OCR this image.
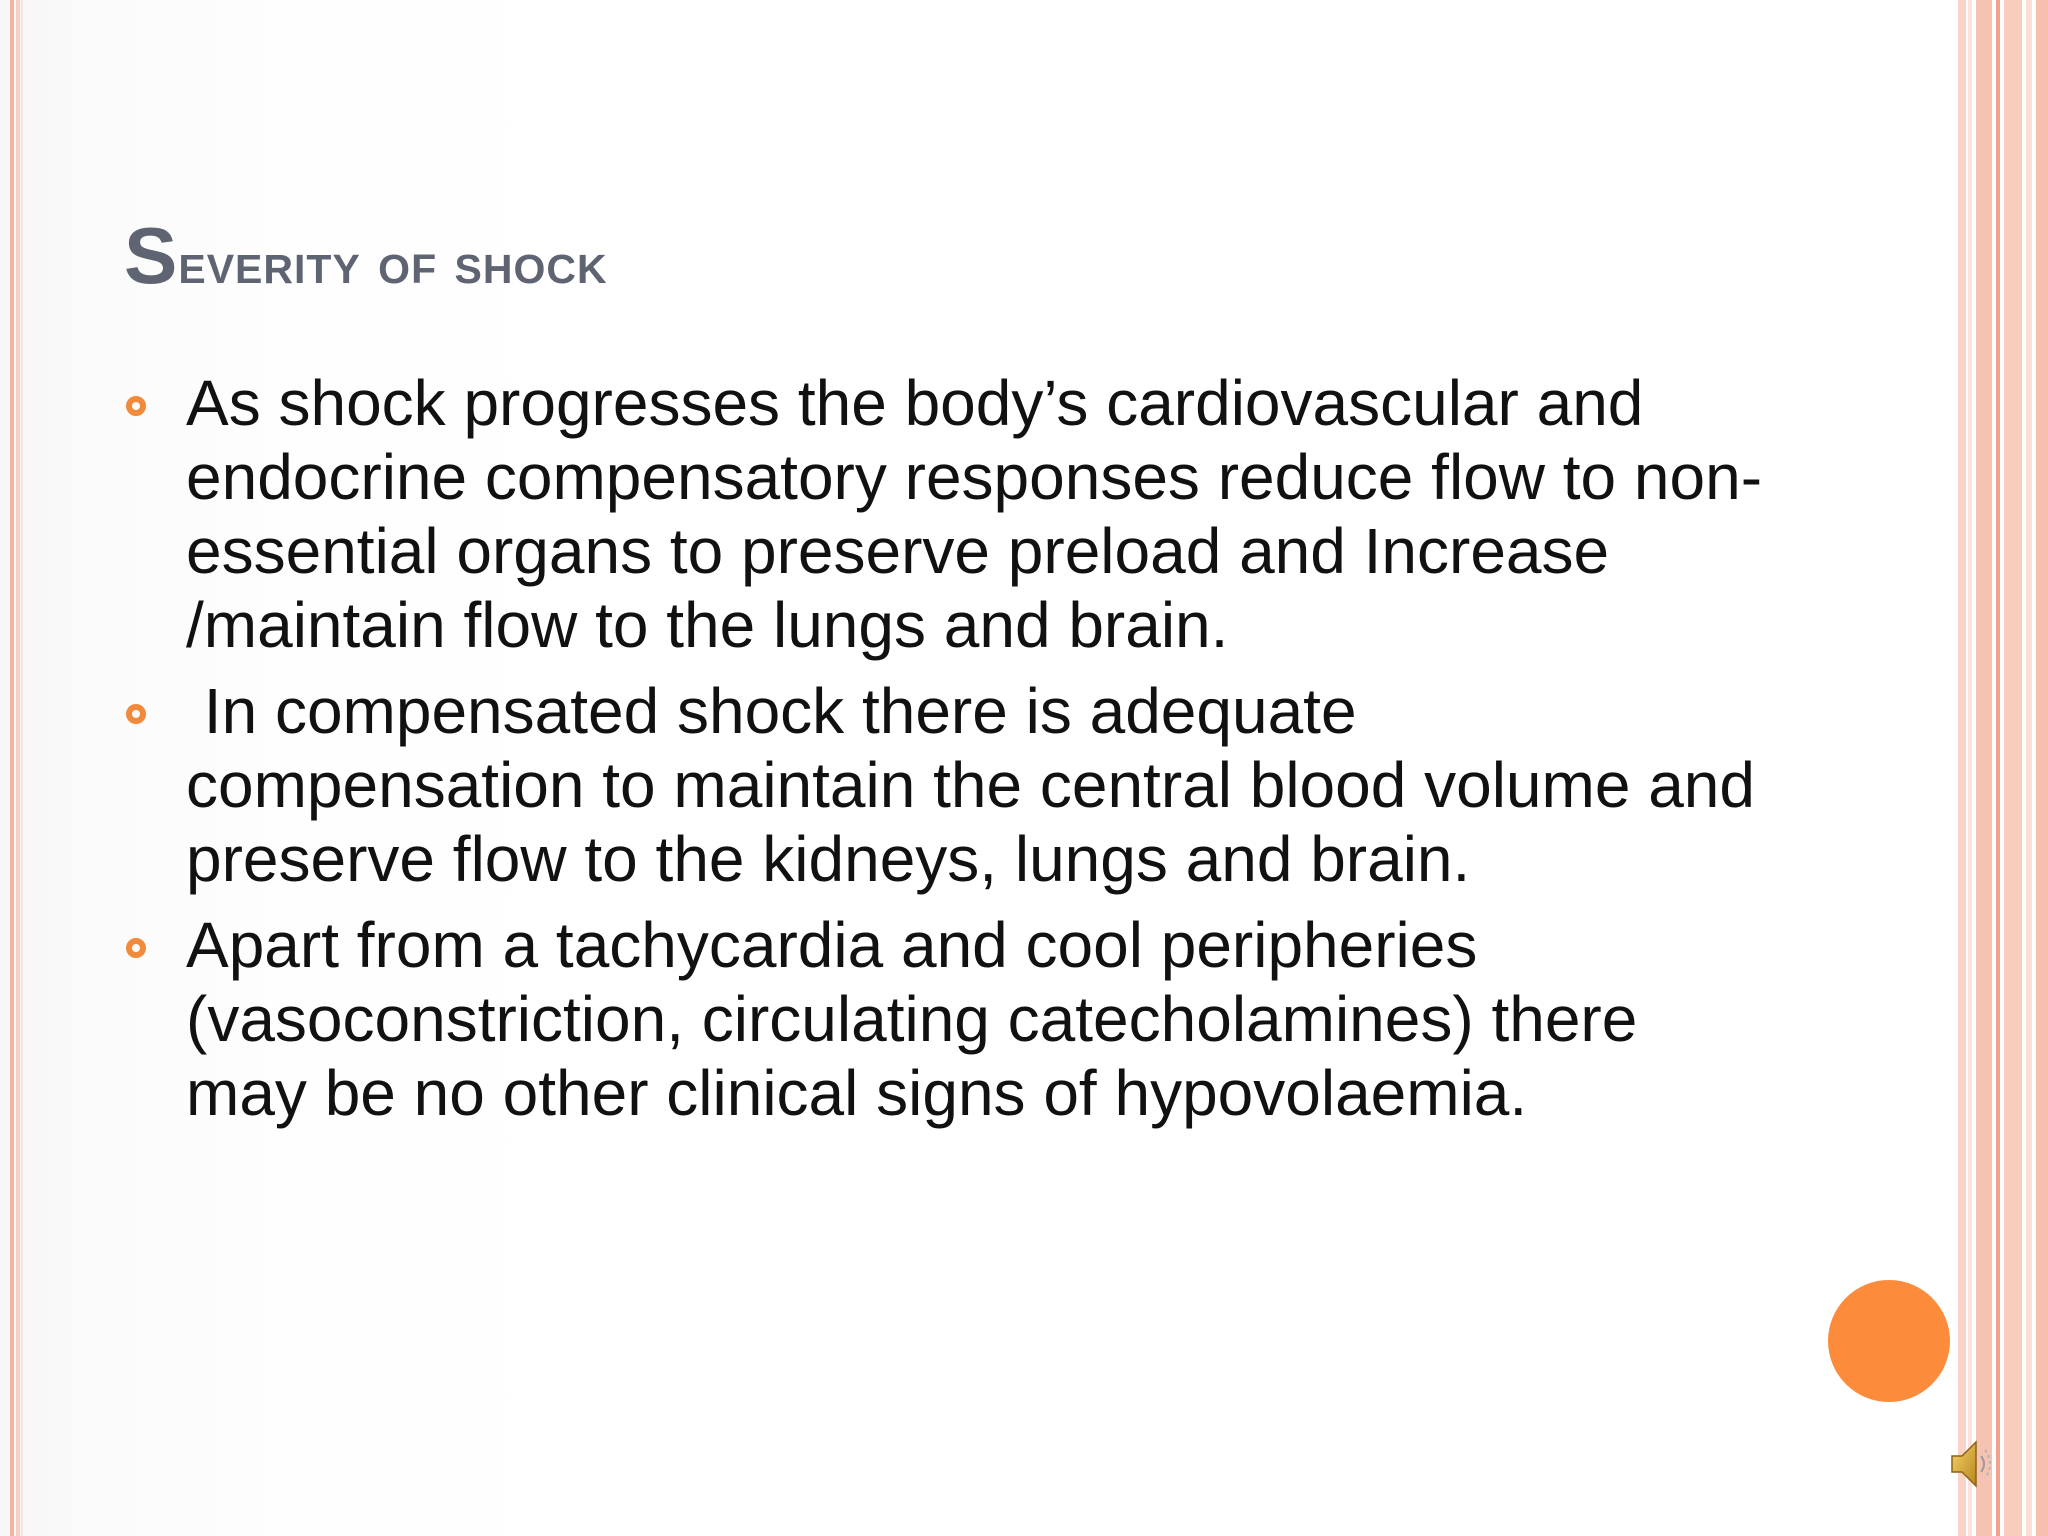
Severity of shock
As shock progresses the body’s cardiovascular and endocrine compensatory responses reduce flow to non-essential organs to preserve preload and Increase /maintain flow to the lungs and brain.
In compensated shock there is adequate compensation to maintain the central blood volume and preserve flow to the kidneys, lungs and brain.
Apart from a tachycardia and cool peripheries (vasoconstriction, circulating catecholamines) there may be no other clinical signs of hypovolaemia.
